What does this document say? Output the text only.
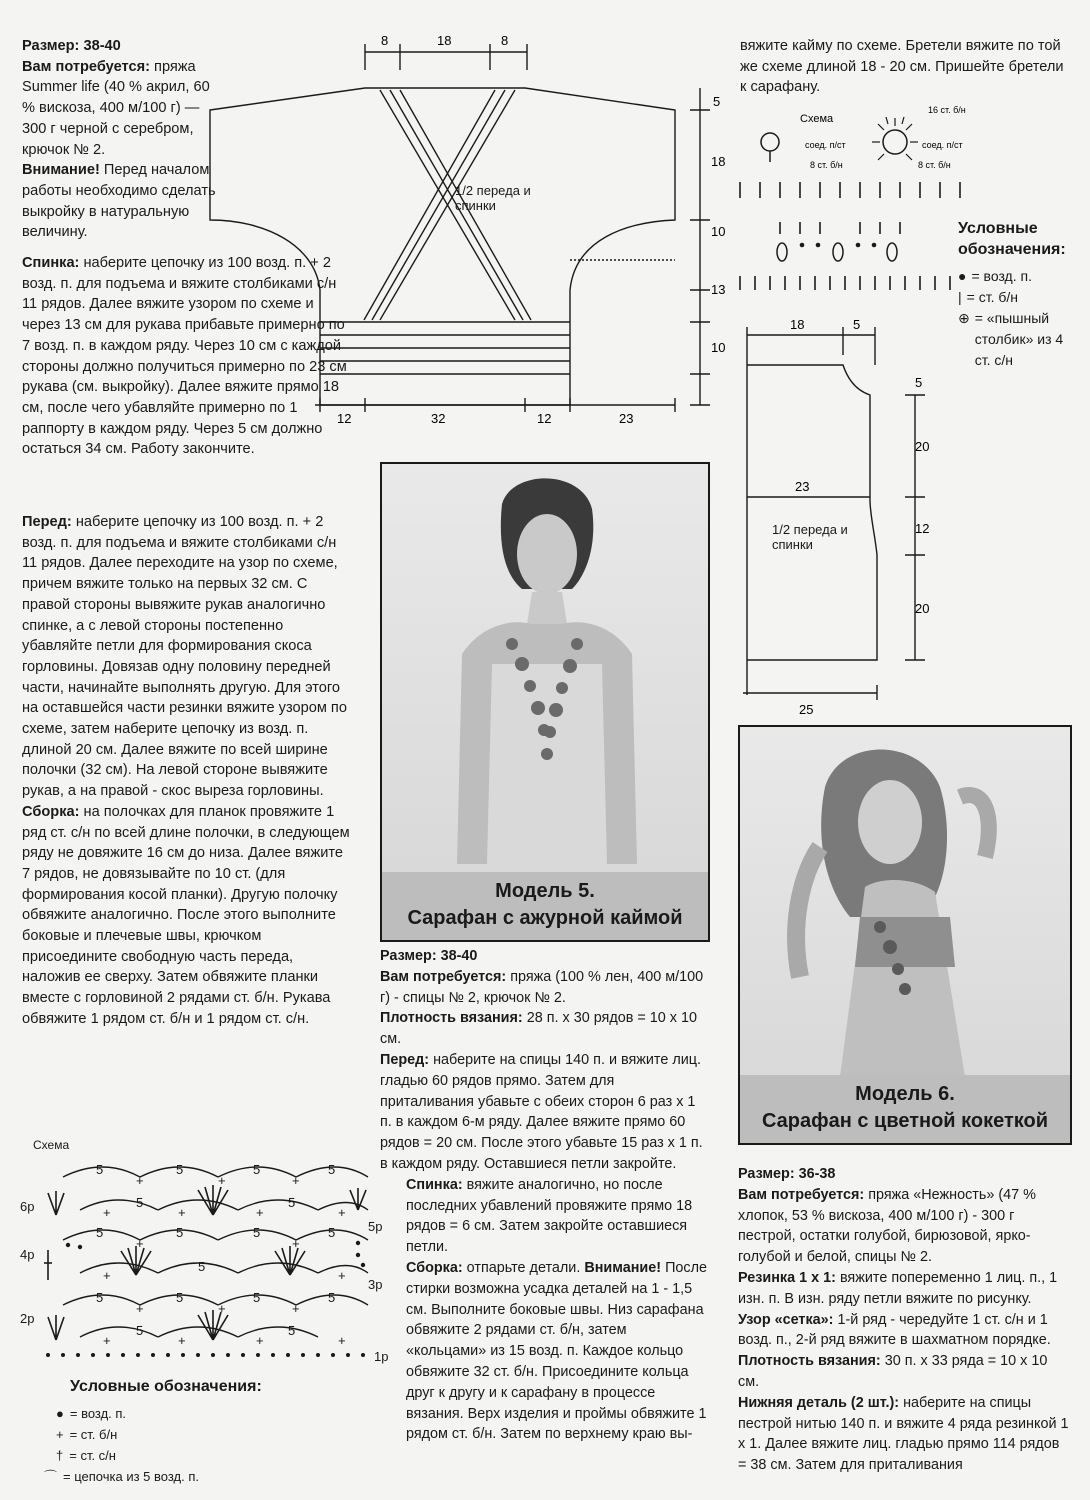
Размер: 38-40

Вам потребуется: пряжа Summer life (40 % акрил, 60 % вискоза, 400 м/100 г) — 300 г черной с серебром, крючок № 2.

Внимание! Перед началом работы необходимо сделать выкройку в натуральную величину.

Спинка: наберите цепочку из 100 возд. п. + 2 возд. п. для подъема и вяжите столбиками с/н 11 рядов. Далее вяжите узором по схеме и через 13 см для рукава прибавьте примерно по 7 возд. п. в каждом ряду. Через 10 см с каждой стороны должно получиться примерно по 23 см рукава (см. выкройку). Далее вяжите прямо 18 см, после чего убавляйте примерно по 1 раппорту в каждом ряду. Через 5 см должно остаться 34 см. Работу закончите.

Перед: наберите цепочку из 100 возд. п. + 2 возд. п. для подъема и вяжите столбиками с/н 11 рядов. Далее переходите на узор по схеме, причем вяжите только на первых 32 см. С правой стороны вывяжите рукав аналогично спинке, а с левой стороны постепенно убавляйте петли для формирования скоса горловины. Довязав одну половину передней части, начинайте выполнять другую. Для этого на оставшейся части резинки вяжите узором по схеме, затем наберите цепочку из возд. п. длиной 20 см. Далее вяжите по всей ширине полочки (32 см). На левой стороне вывяжите рукав, а на правой - скос выреза горловины.

Сборка: на полочках для планок провяжите 1 ряд ст. с/н по всей длине полочки, в следующем ряду не довяжите 16 см до низа. Далее вяжите 7 рядов, не довязывайте по 10 ст. (для формирования косой планки). Другую полочку обвяжите аналогично. После этого выполните боковые и плечевые швы, крючком присоедините свободную часть переда, наложив ее сверху. Затем обвяжите планки вместе с горловиной 2 рядами ст. б/н. Рукава обвяжите 1 рядом ст. б/н и 1 рядом ст. с/н.

8	18	8
5
18
10
13
10
12	32	12	23
1/2 переда и спинки
вяжите кайму по схеме. Бретели вяжите по той же схеме длиной 18 - 20 см. Пришейте бретели к сарафану.
Схема
16 ст. б/н
соед. п/ст	соед. п/ст
8 ст. б/н	8 ст. б/н
Условные
обозначения:
● = возд. п.
| = ст. б/н
⊕ = «пышный столбик» из 4 ст. с/н
18	5
5
20
23
12
20
25
1/2 переда и спинки
Модель 5.
Сарафан с ажурной каймой
Модель 6.
Сарафан с цветной кокеткой

Размер: 38-40

Вам потребуется: пряжа (100 % лен, 400 м/100 г) - спицы № 2, крючок № 2.

Плотность вязания: 28 п. x 30 рядов = 10 x 10 см.

Перед: наберите на спицы 140 п. и вяжите лиц. гладью 60 рядов прямо. Затем для приталивания убавьте с обеих сторон 6 раз x 1 п. в каждом 6-м ряду. Далее вяжите прямо 60 рядов = 20 см. После этого убавьте 15 раз x 1 п. в каждом ряду. Оставшиеся петли закройте.

Спинка: вяжите аналогично, но после последних убавлений провяжите прямо 18 рядов = 6 см. Затем закройте оставшиеся петли.

Сборка: отпарьте детали. Внимание! После стирки возможна усадка деталей на 1 - 1,5 см. Выполните боковые швы. Низ сарафана обвяжите 2 рядами ст. б/н, затем «кольцами» из 15 возд. п. Каждое кольцо обвяжите 32 ст. б/н. Присоедините кольца друг к другу и к сарафану в процессе вязания. Верх изделия и проймы обвяжите 1 рядом ст. б/н. Затем по верхнему краю вы-

Размер: 36-38

Вам потребуется: пряжа «Нежность» (47 % хлопок, 53 % вискоза, 400 м/100 г) - 300 г пестрой, остатки голубой, бирюзовой, ярко-голубой и белой, спицы № 2.

Резинка 1 x 1: вяжите попеременно 1 лиц. п., 1 изн. п. В изн. ряду петли вяжите по рисунку.

Узор «сетка»: 1-й ряд - чередуйте 1 ст. с/н и 1 возд. п., 2-й ряд вяжите в шахматном порядке.

Плотность вязания: 30 п. x 33 ряда = 10 x 10 см.

Нижняя деталь (2 шт.): наберите на спицы пестрой нитью 140 п. и вяжите 4 ряда резинкой 1 x 1. Далее вяжите лиц. гладью прямо 114 рядов = 38 см. Затем для приталивания

Схема
+	+
+
+	+	+	+
+	+
+	+
+	+	+
+	+	+	+
5	5	5	5
5	5
5	5	5	5
5
5	5	5	5
5	5
6р
4р
2р
5р
3р
1р
Условные обозначения:
● = возд. п.
+ = ст. б/н
† = ст. с/н
⌒ = цепочка из 5 возд. п.
